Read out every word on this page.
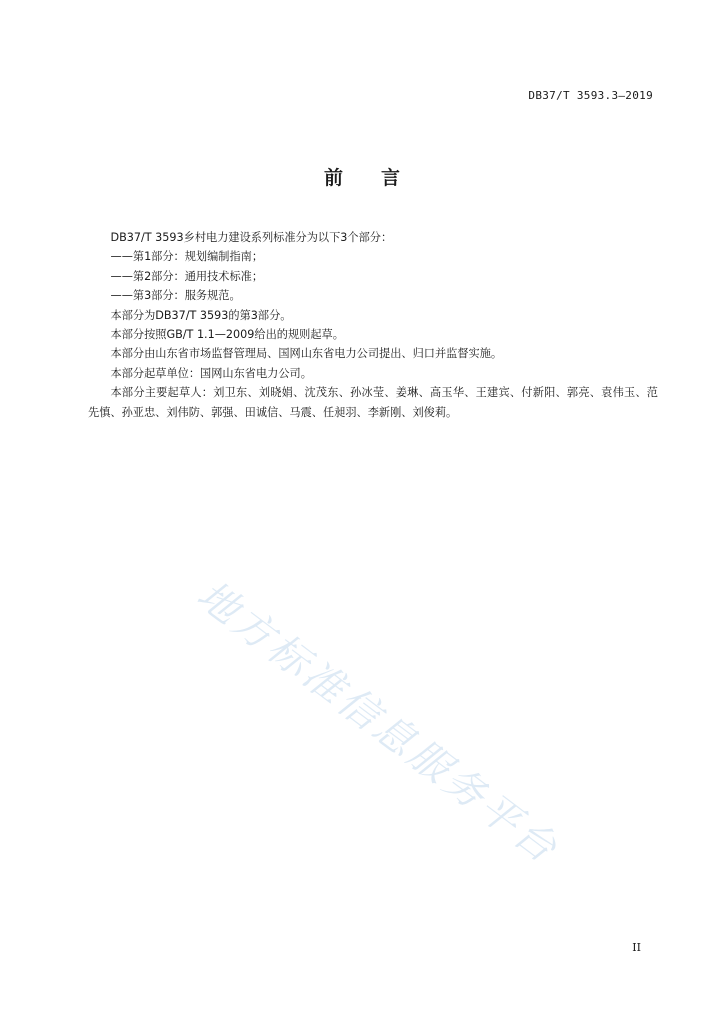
DB37/T 3593.3—2019
前言

DB37/T 3593乡村电力建设系列标准分为以下3个部分：

——第1部分：规划编制指南；

——第2部分：通用技术标准；

——第3部分：服务规范。

本部分为DB37/T 3593的第3部分。

本部分按照GB/T 1.1—2009给出的规则起草。

本部分由山东省市场监督管理局、国网山东省电力公司提出、归口并监督实施。

本部分起草单位：国网山东省电力公司。

本部分主要起草人：刘卫东、刘晓娟、沈茂东、孙冰莹、姜琳、高玉华、王建宾、付新阳、郭亮、袁伟玉、范先慎、孙亚忠、刘伟防、郭强、田诚信、马震、任昶羽、李新刚、刘俊莉。

地方标准信息服务平台
II
